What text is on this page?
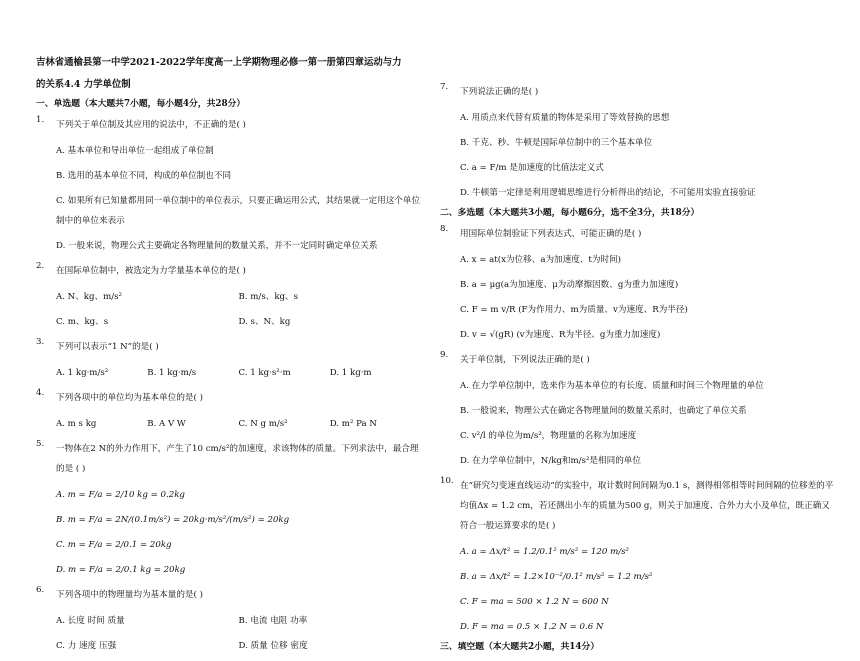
吉林省通榆县第一中学2021-2022学年度高一上学期物理必修一第一册第四章运动与力
的关系4.4 力学单位制
一、单选题（本大题共7小题，每小题4分，共28分）
1.	下列关于单位制及其应用的说法中，不正确的是( )
A. 基本单位和导出单位一起组成了单位制
B. 选用的基本单位不同，构成的单位制也不同
C. 如果所有已知量都用同一单位制中的单位表示，只要正确运用公式，其结果就一定用这个单位制中的单位来表示
D. 一般来说，物理公式主要确定各物理量间的数量关系，并不一定同时确定单位关系
2.	在国际单位制中，被选定为力学量基本单位的是( )
A. N、kg、m/s²	B. m/s、kg、s
C. m、kg、s	D. s、N、kg
3.	下列可以表示“1 N”的是( )
A. 1 kg·m/s²	B. 1 kg·m/s	C. 1 kg·s²·m	D. 1 kg·m
4.	下列各项中的单位均为基本单位的是( )
A. m s kg	B. A V W	C. N g m/s²	D. m² Pa N
5.	一物体在2 N的外力作用下，产生了10 cm/s²的加速度，求该物体的质量。下列求法中，最合理的是 ( )
A. m = F/a = 2/10 kg = 0.2kg
B. m = F/a = 2N/(0.1m/s²) = 20kg·m/s²/(m/s²) = 20kg
C. m = F/a = 2/0.1 = 20kg
D. m = F/a = 2/0.1 kg = 20kg
6.	下列各项中的物理量均为基本量的是( )
A. 长度 时间 质量	B. 电流 电阻 功率
C. 力 速度 压强	D. 质量 位移 密度
7.	下列说法正确的是( )
A. 用质点来代替有质量的物体是采用了等效替换的思想
B. 千克、秒、牛顿是国际单位制中的三个基本单位
C. a = F/m 是加速度的比值法定义式
D. 牛顿第一定律是利用逻辑思维进行分析得出的结论，不可能用实验直接验证
二、多选题（本大题共3小题，每小题6分，选不全3分，共18分）
8.	用国际单位制验证下列表达式，可能正确的是( )
A. x = at(x为位移、a为加速度、t为时间)
B. a = μg(a为加速度、μ为动摩擦因数、g为重力加速度)
C. F = m v/R (F为作用力、m为质量、v为速度、R为半径)
D. v = √(gR) (v为速度、R为半径、g为重力加速度)
9.	关于单位制，下列说法正确的是( )
A. 在力学单位制中，选来作为基本单位的有长度、质量和时间三个物理量的单位
B. 一般说来，物理公式在确定各物理量间的数量关系时，也确定了单位关系
C. v²/l 的单位为m/s²，物理量的名称为加速度
D. 在力学单位制中，N/kg和m/s²是相同的单位
10. 在“研究匀变速直线运动”的实验中，取计数时间间隔为0.1 s，测得相邻相等时间间隔的位移差的平均值Δx = 1.2 cm，若还测出小车的质量为500 g，则关于加速度、合外力大小及单位，既正确又符合一般运算要求的是( )
A. a = Δx/t² = 1.2/0.1² m/s² = 120 m/s²
B. a = Δx/t² = 1.2×10⁻²/0.1² m/s² = 1.2 m/s²
C. F = ma = 500 × 1.2 N = 600 N
D. F = ma = 0.5 × 1.2 N = 0.6 N
三、填空题（本大题共2小题，共14分）
